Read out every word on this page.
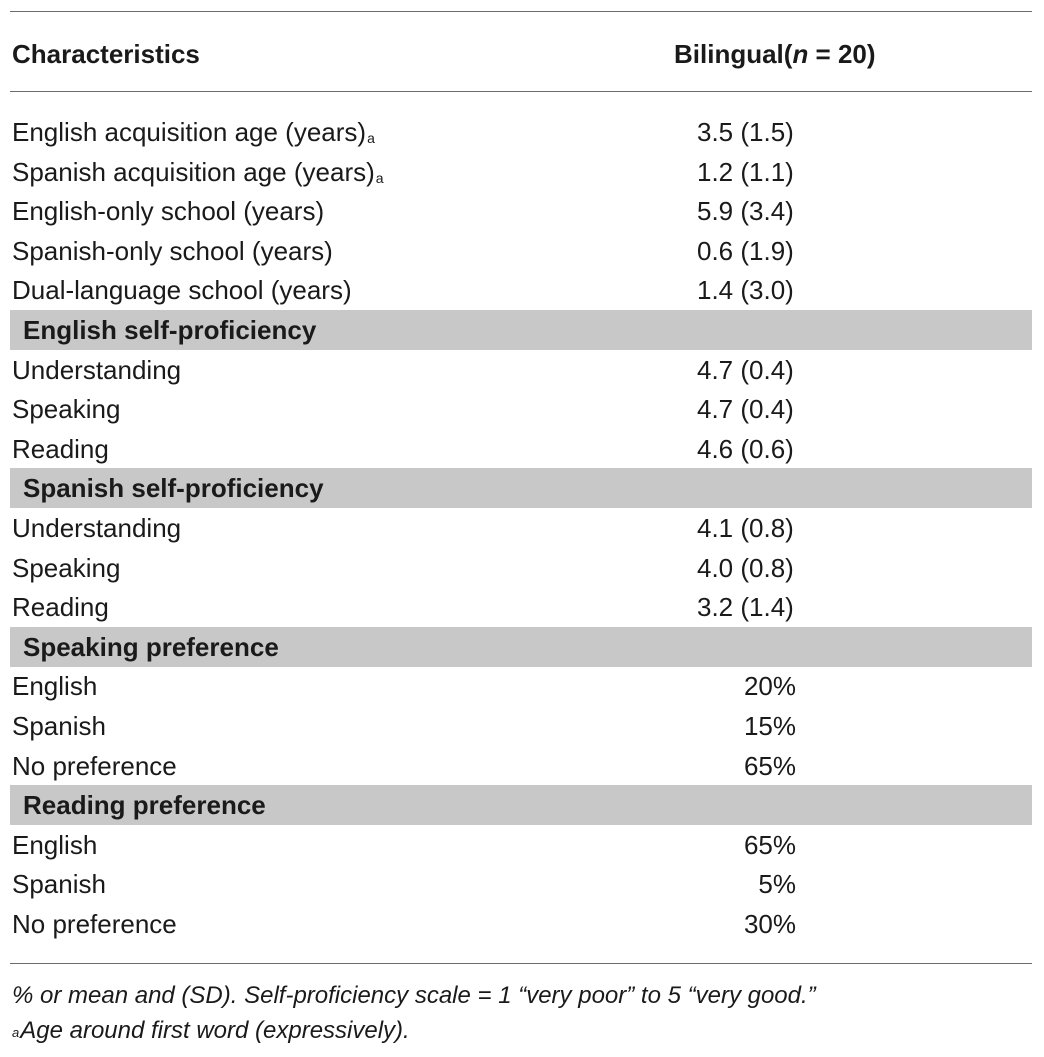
Characteristics	Bilingual(n = 20)
English acquisition age (years)$^a$	3.5 (1.5)
Spanish acquisition age (years)$^a$	1.2 (1.1)
English-only school (years)	5.9 (3.4)
Spanish-only school (years)	0.6 (1.9)
Dual-language school (years)	1.4 (3.0)
English self-proficiency
Understanding	4.7 (0.4)
Speaking	4.7 (0.4)
Reading	4.6 (0.6)
Spanish self-proficiency
Understanding	4.1 (0.8)
Speaking	4.0 (0.8)
Reading	3.2 (1.4)
Speaking preference
English	20%
Spanish	15%
No preference	65%
Reading preference
English	65%
Spanish	5%
No preference	30%
% or mean and (SD). Self-proficiency scale = 1 “very poor” to 5 “very good.”
$^a$Age around first word (expressively).
